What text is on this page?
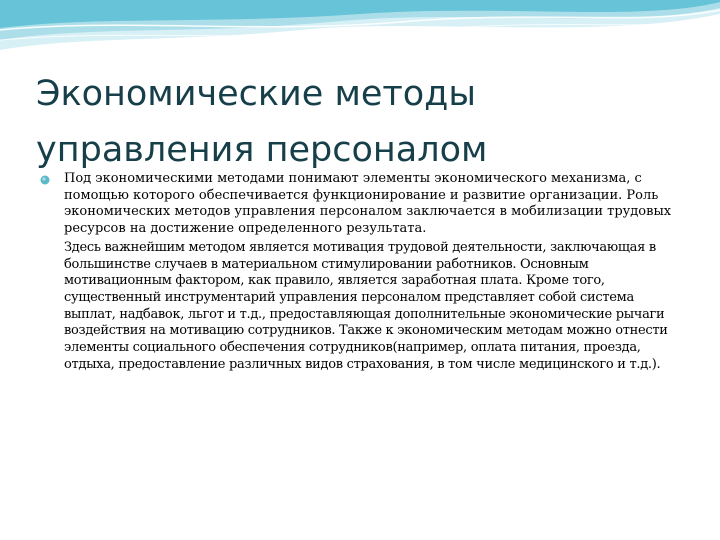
Экономические методы
управления персоналом

Под экономическими методами понимают элементы экономического механизма, с помощью которого обеспечивается функционирование и развитие организации. Роль экономических методов управления персоналом заключается в мобилизации трудовых ресурсов на достижение определенного результата.

Здесь важнейшим методом является мотивация трудовой деятельности, заключающая в большинстве случаев в материальном стимулировании работников. Основным мотивационным фактором, как правило, является заработная плата. Кроме того, существенный инструментарий управления персоналом представляет собой система выплат, надбавок, льгот и т.д., предоставляющая дополнительные экономические рычаги воздействия на мотивацию сотрудников. Также к экономическим методам можно отнести элементы социального обеспечения сотрудников(например, оплата питания, проезда, отдыха, предоставление различных видов страхования, в том числе медицинского и т.д.).
